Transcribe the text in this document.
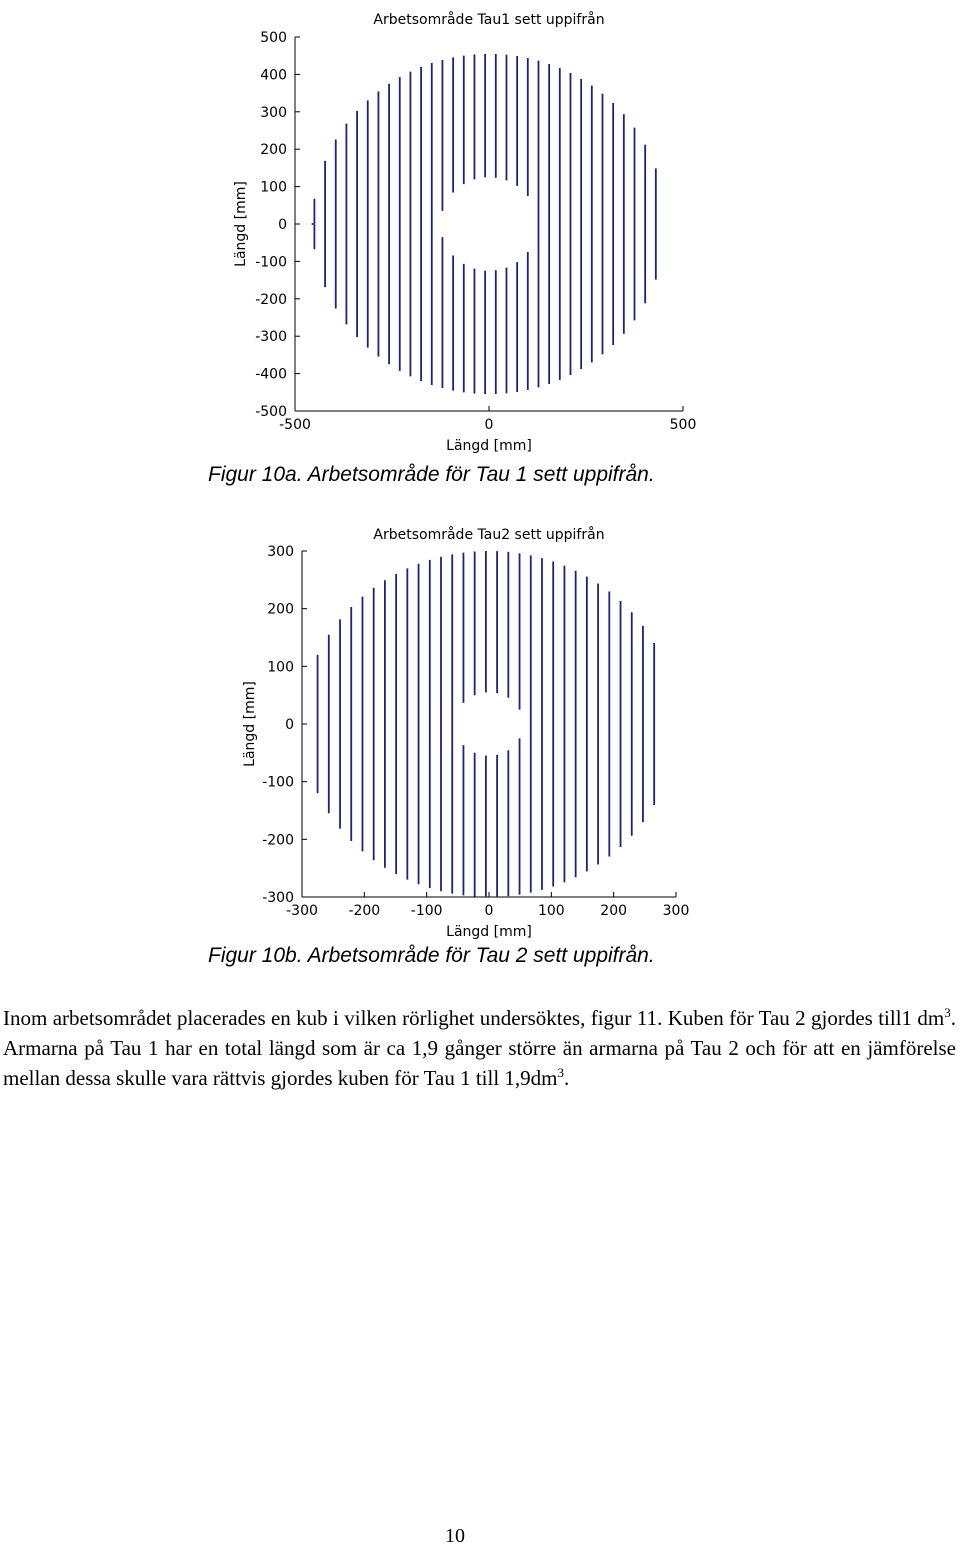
Arbetsområde Tau1 sett uppifrån
500
400
300
200
100
0
-100
-200
-300
-400
-500
-500	0	500
Längd [mm]
Längd [mm]
Figur 10a. Arbetsområde för Tau 1 sett uppifrån.
Arbetsområde Tau2 sett uppifrån
300
200
100
0
-100
-200
-300
-300 -200 -100	0	100	200	300
Längd [mm]
Längd [mm]
Figur 10b. Arbetsområde för Tau 2 sett uppifrån.
Inom arbetsområdet placerades en kub i vilken rörlighet undersöktes, figur 11. Kuben för Tau 2 gjordes till1 $dm^3$. Armarna på Tau 1 har en total längd som är ca 1,9 gånger större än armarna på Tau 2 och för att en jämförelse mellan dessa skulle vara rättvis gjordes kuben för Tau 1 till $1,9dm^3$.
10
